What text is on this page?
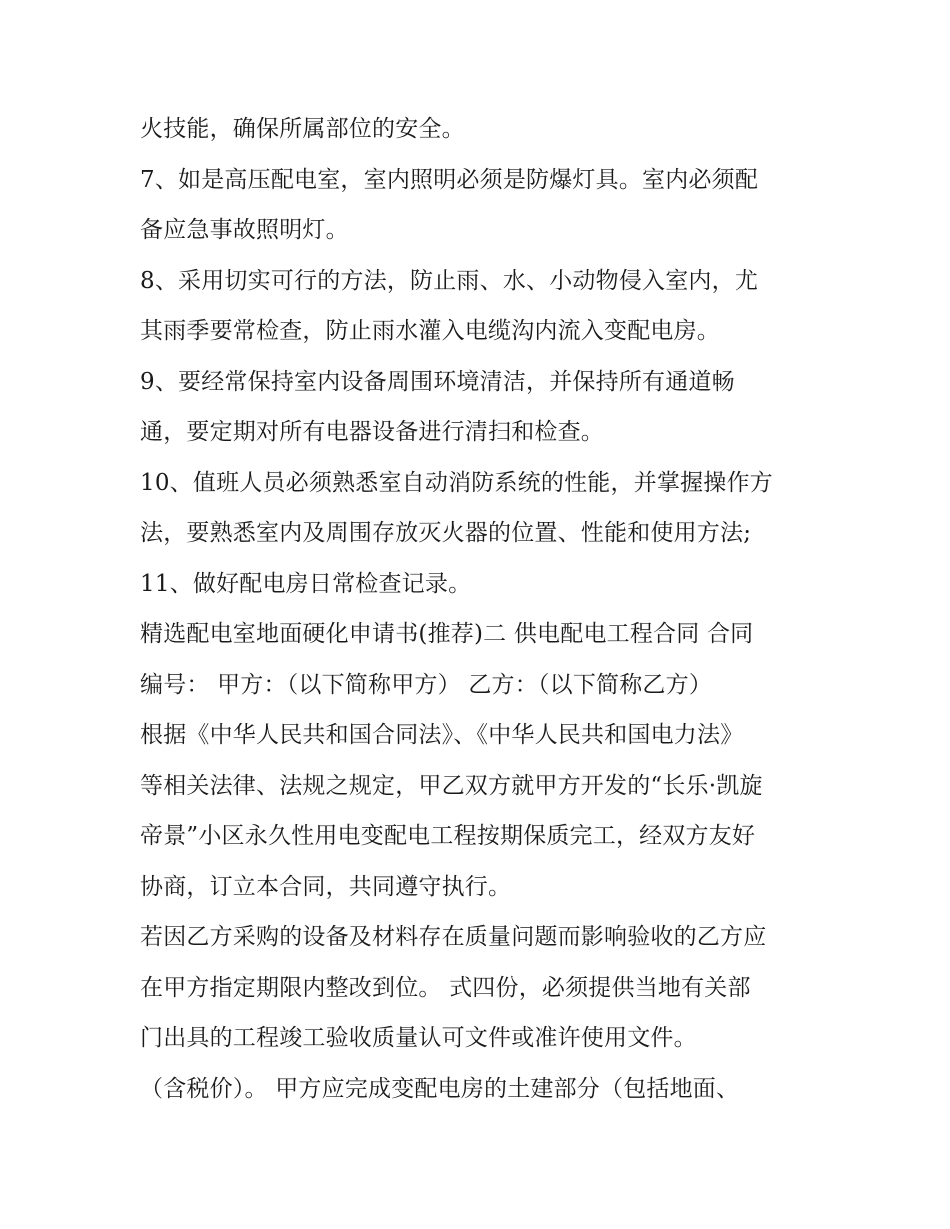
火技能，确保所属部位的安全。
7、如是高压配电室，室内照明必须是防爆灯具。室内必须配
备应急事故照明灯。
8、采用切实可行的方法，防止雨、水、小动物侵入室内，尤
其雨季要常检查，防止雨水灌入电缆沟内流入变配电房。
9、要经常保持室内设备周围环境清洁，并保持所有通道畅
通，要定期对所有电器设备进行清扫和检查。
10、值班人员必须熟悉室自动消防系统的性能，并掌握操作方
法，要熟悉室内及周围存放灭火器的位置、性能和使用方法;
11、做好配电房日常检查记录。
精选配电室地面硬化申请书(推荐)二 供电配电工程合同 合同
编号： 甲方：（以下简称甲方） 乙方：（以下简称乙方）
根据《中华人民共和国合同法》、《中华人民共和国电力法》
等相关法律、法规之规定，甲乙双方就甲方开发的“长乐·凯旋
帝景”小区永久性用电变配电工程按期保质完工，经双方友好
协商，订立本合同，共同遵守执行。
若因乙方采购的设备及材料存在质量问题而影响验收的乙方应
在甲方指定期限内整改到位。 式四份，必须提供当地有关部
门出具的工程竣工验收质量认可文件或准许使用文件。
（含税价）。 甲方应完成变配电房的土建部分（包括地面、
